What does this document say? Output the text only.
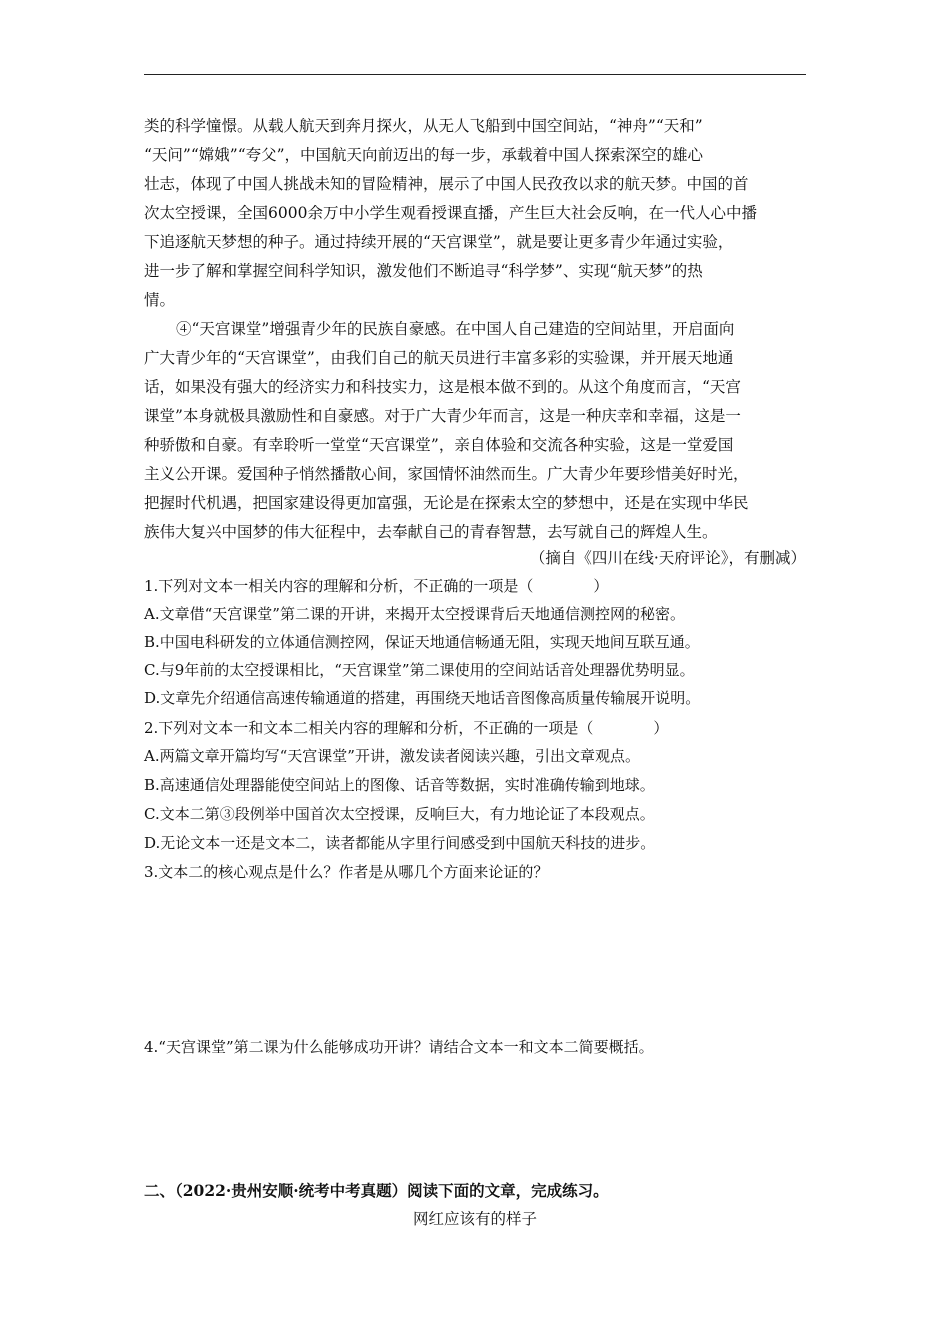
类的科学憧憬。从载人航天到奔月探火，从无人飞船到中国空间站，“神舟”“天和”
“天问”“嫦娥”“夸父”，中国航天向前迈出的每一步，承载着中国人探索深空的雄心
壮志，体现了中国人挑战未知的冒险精神，展示了中国人民孜孜以求的航天梦。中国的首
次太空授课，全国6000余万中小学生观看授课直播，产生巨大社会反响，在一代人心中播
下追逐航天梦想的种子。通过持续开展的“天宫课堂”，就是要让更多青少年通过实验，
进一步了解和掌握空间科学知识，激发他们不断追寻“科学梦”、实现“航天梦”的热
情。
④“天宫课堂”增强青少年的民族自豪感。在中国人自己建造的空间站里，开启面向
广大青少年的“天宫课堂”，由我们自己的航天员进行丰富多彩的实验课，并开展天地通
话，如果没有强大的经济实力和科技实力，这是根本做不到的。从这个角度而言，“天宫
课堂”本身就极具激励性和自豪感。对于广大青少年而言，这是一种庆幸和幸福，这是一
种骄傲和自豪。有幸聆听一堂堂“天宫课堂”，亲自体验和交流各种实验，这是一堂爱国
主义公开课。爱国种子悄然播散心间，家国情怀油然而生。广大青少年要珍惜美好时光，
把握时代机遇，把国家建设得更加富强，无论是在探索太空的梦想中，还是在实现中华民
族伟大复兴中国梦的伟大征程中，去奉献自己的青春智慧，去写就自己的辉煌人生。
（摘自《四川在线·天府评论》，有删减）
1.下列对文本一相关内容的理解和分析，不正确的一项是（　　　　）
A.文章借“天宫课堂”第二课的开讲，来揭开太空授课背后天地通信测控网的秘密。
B.中国电科研发的立体通信测控网，保证天地通信畅通无阻，实现天地间互联互通。
C.与9年前的太空授课相比，“天宫课堂”第二课使用的空间站话音处理器优势明显。
D.文章先介绍通信高速传输通道的搭建，再围绕天地话音图像高质量传输展开说明。
2.下列对文本一和文本二相关内容的理解和分析，不正确的一项是（　　　　）
A.两篇文章开篇均写“天宫课堂”开讲，激发读者阅读兴趣，引出文章观点。
B.高速通信处理器能使空间站上的图像、话音等数据，实时准确传输到地球。
C.文本二第③段例举中国首次太空授课，反响巨大，有力地论证了本段观点。
D.无论文本一还是文本二，读者都能从字里行间感受到中国航天科技的进步。
3.文本二的核心观点是什么？作者是从哪几个方面来论证的？
4.“天宫课堂”第二课为什么能够成功开讲？请结合文本一和文本二简要概括。
二、（2022·贵州安顺·统考中考真题）阅读下面的文章，完成练习。
网红应该有的样子
